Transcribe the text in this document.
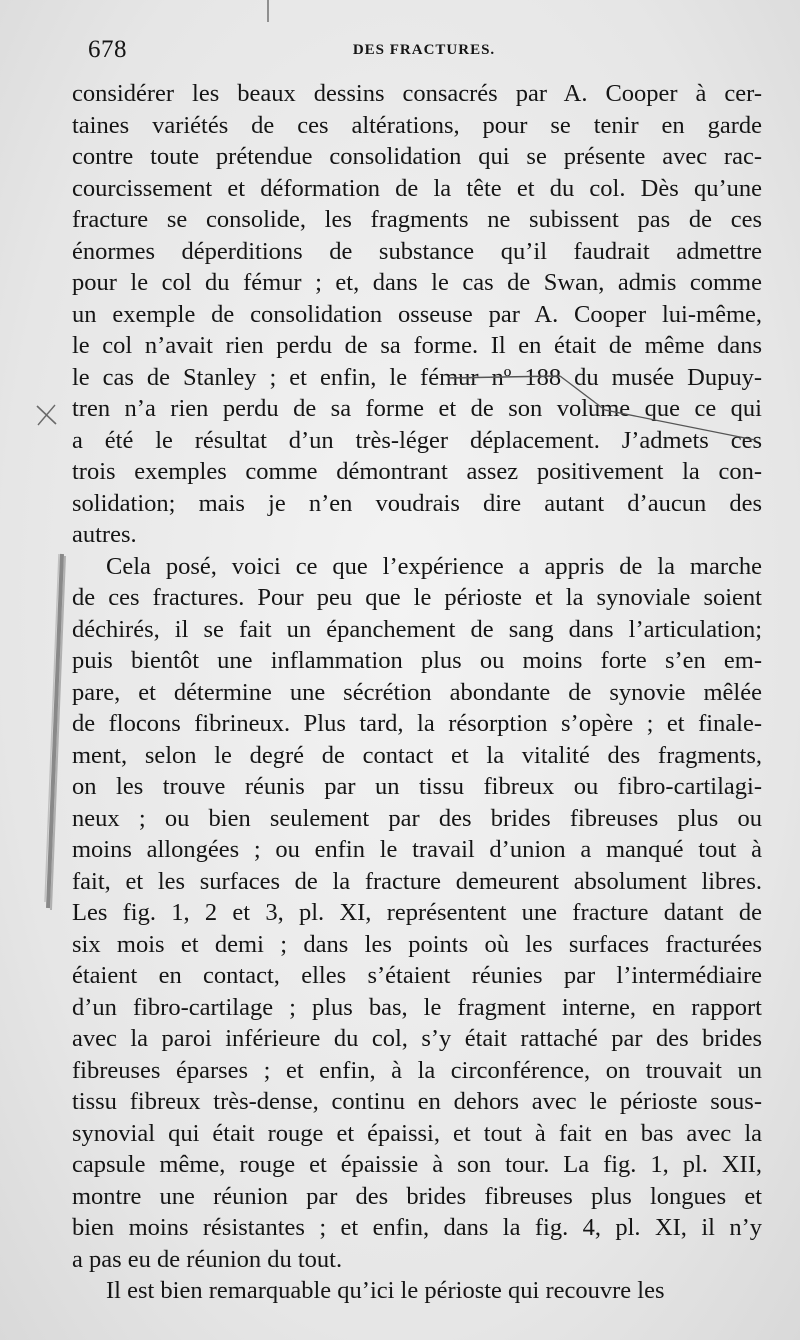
678	DES FRACTURES.
considérer les beaux dessins consacrés par A. Cooper à cer-
taines variétés de ces altérations, pour se tenir en garde
contre toute prétendue consolidation qui se présente avec rac-
courcissement et déformation de la tête et du col. Dès qu’une
fracture se consolide, les fragments ne subissent pas de ces
énormes déperditions de substance qu’il faudrait admettre
pour le col du fémur ; et, dans le cas de Swan, admis comme
un exemple de consolidation osseuse par A. Cooper lui-même,
le col n’avait rien perdu de sa forme. Il en était de même dans
le cas de Stanley ; et enfin, le fémur nº 188 du musée Dupuy-
tren n’a rien perdu de sa forme et de son volume que ce qui
a été le résultat d’un très-léger déplacement. J’admets ces
trois exemples comme démontrant assez positivement la con-
solidation; mais je n’en voudrais dire autant d’aucun des
autres.
Cela posé, voici ce que l’expérience a appris de la marche
de ces fractures. Pour peu que le périoste et la synoviale soient
déchirés, il se fait un épanchement de sang dans l’articulation;
puis bientôt une inflammation plus ou moins forte s’en em-
pare, et détermine une sécrétion abondante de synovie mêlée
de flocons fibrineux. Plus tard, la résorption s’opère ; et finale-
ment, selon le degré de contact et la vitalité des fragments,
on les trouve réunis par un tissu fibreux ou fibro-cartilagi-
neux ; ou bien seulement par des brides fibreuses plus ou
moins allongées ; ou enfin le travail d’union a manqué tout à
fait, et les surfaces de la fracture demeurent absolument libres.
Les fig. 1, 2 et 3, pl. XI, représentent une fracture datant de
six mois et demi ; dans les points où les surfaces fracturées
étaient en contact, elles s’étaient réunies par l’intermédiaire
d’un fibro-cartilage ; plus bas, le fragment interne, en rapport
avec la paroi inférieure du col, s’y était rattaché par des brides
fibreuses éparses ; et enfin, à la circonférence, on trouvait un
tissu fibreux très-dense, continu en dehors avec le périoste sous-
synovial qui était rouge et épaissi, et tout à fait en bas avec la
capsule même, rouge et épaissie à son tour. La fig. 1, pl. XII,
montre une réunion par des brides fibreuses plus longues et
bien moins résistantes ; et enfin, dans la fig. 4, pl. XI, il n’y
a pas eu de réunion du tout.
Il est bien remarquable qu’ici le périoste qui recouvre les
